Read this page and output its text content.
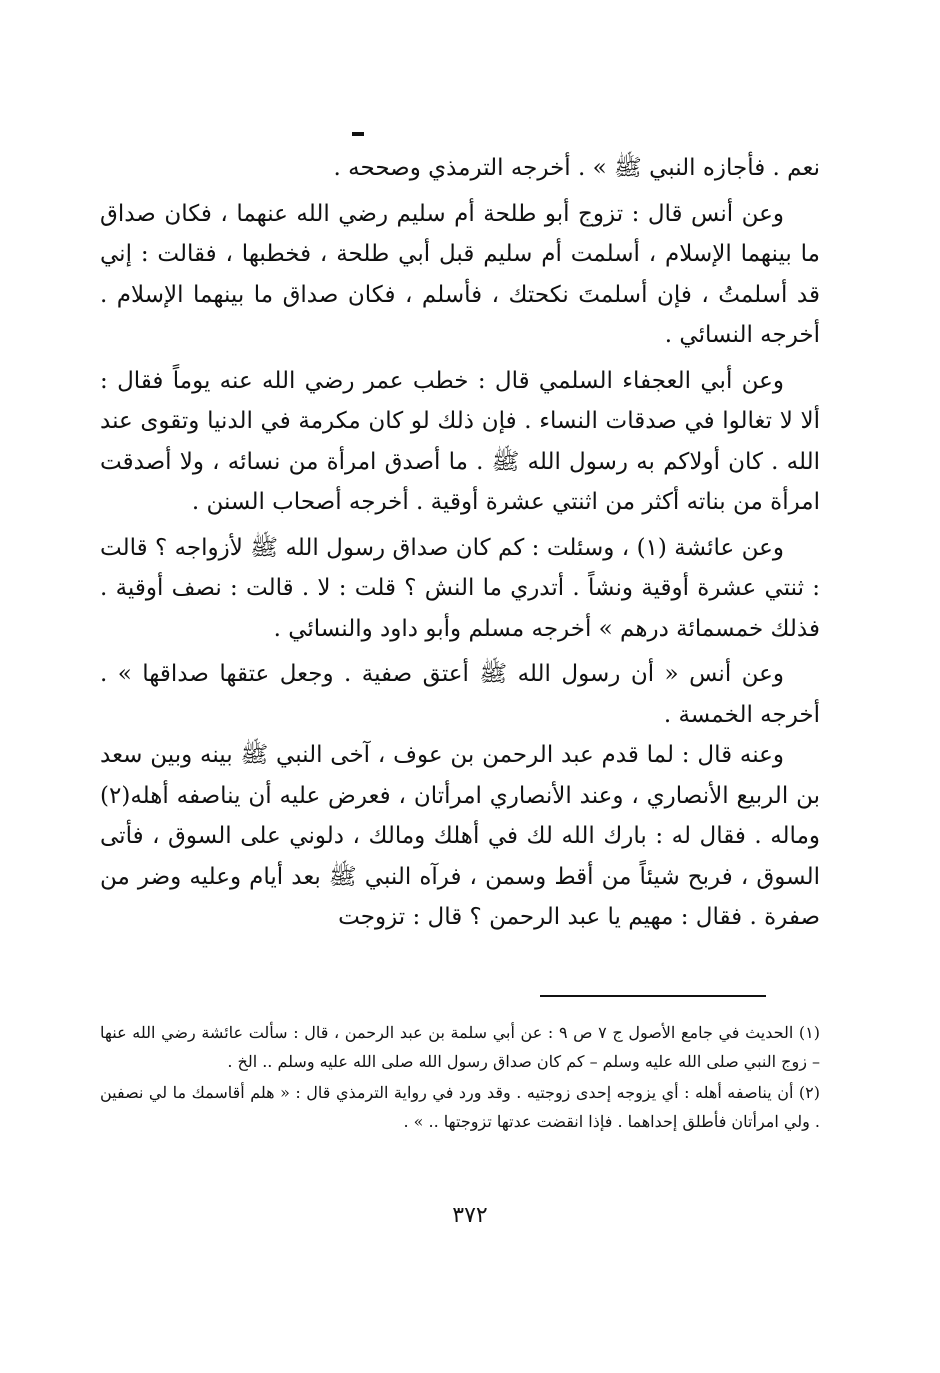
نعم . فأجازه النبي ﷺ » . أخرجه الترمذي وصححه .

وعن أنس قال : تزوج أبو طلحة أم سليم رضي الله عنهما ، فكان صداق ما بينهما الإسلام ، أسلمت أم سليم قبل أبي طلحة ، فخطبها ، فقالت : إني قد أسلمتُ ، فإن أسلمتَ نكحتك ، فأسلم ، فكان صداق ما بينهما الإسلام . أخرجه النسائي .

وعن أبي العجفاء السلمي قال : خطب عمر رضي الله عنه يوماً فقال : ألا لا تغالوا في صدقات النساء . فإن ذلك لو كان مكرمة في الدنيا وتقوى عند الله . كان أولاكم به رسول الله ﷺ . ما أصدق امرأة من نسائه ، ولا أصدقت امرأة من بناته أكثر من اثنتي عشرة أوقية . أخرجه أصحاب السنن .

وعن عائشة (١) ، وسئلت : كم كان صداق رسول الله ﷺ لأزواجه ؟ قالت : ثنتي عشرة أوقية ونشاً . أتدري ما النش ؟ قلت : لا . قالت : نصف أوقية . فذلك خمسمائة درهم » أخرجه مسلم وأبو داود والنسائي .

وعن أنس « أن رسول الله ﷺ أعتق صفية . وجعل عتقها صداقها » . أخرجه الخمسة .

وعنه قال : لما قدم عبد الرحمن بن عوف ، آخى النبي ﷺ بينه وبين سعد بن الربيع الأنصاري ، وعند الأنصاري امرأتان ، فعرض عليه أن يناصفه أهله(٢) وماله . فقال له : بارك الله لك في أهلك ومالك ، دلوني على السوق ، فأتى السوق ، فربح شيئاً من أقط وسمن ، فرآه النبي ﷺ بعد أيام وعليه وضر من صفرة . فقال : مهيم يا عبد الرحمن ؟ قال : تزوجت

(١) الحديث في جامع الأصول ج ٧ ص ٩ : عن أبي سلمة بن عبد الرحمن ، قال : سألت عائشة رضي الله عنها – زوج النبي صلى الله عليه وسلم – كم كان صداق رسول الله صلى الله عليه وسلم .. الخ .

(٢) أن يناصفه أهله : أي يزوجه إحدى زوجتيه . وقد ورد في رواية الترمذي قال : « هلم أقاسمك ما لي نصفين . ولي امرأتان فأطلق إحداهما . فإذا انقضت عدتها تزوجتها .. » .

٣٧٢
